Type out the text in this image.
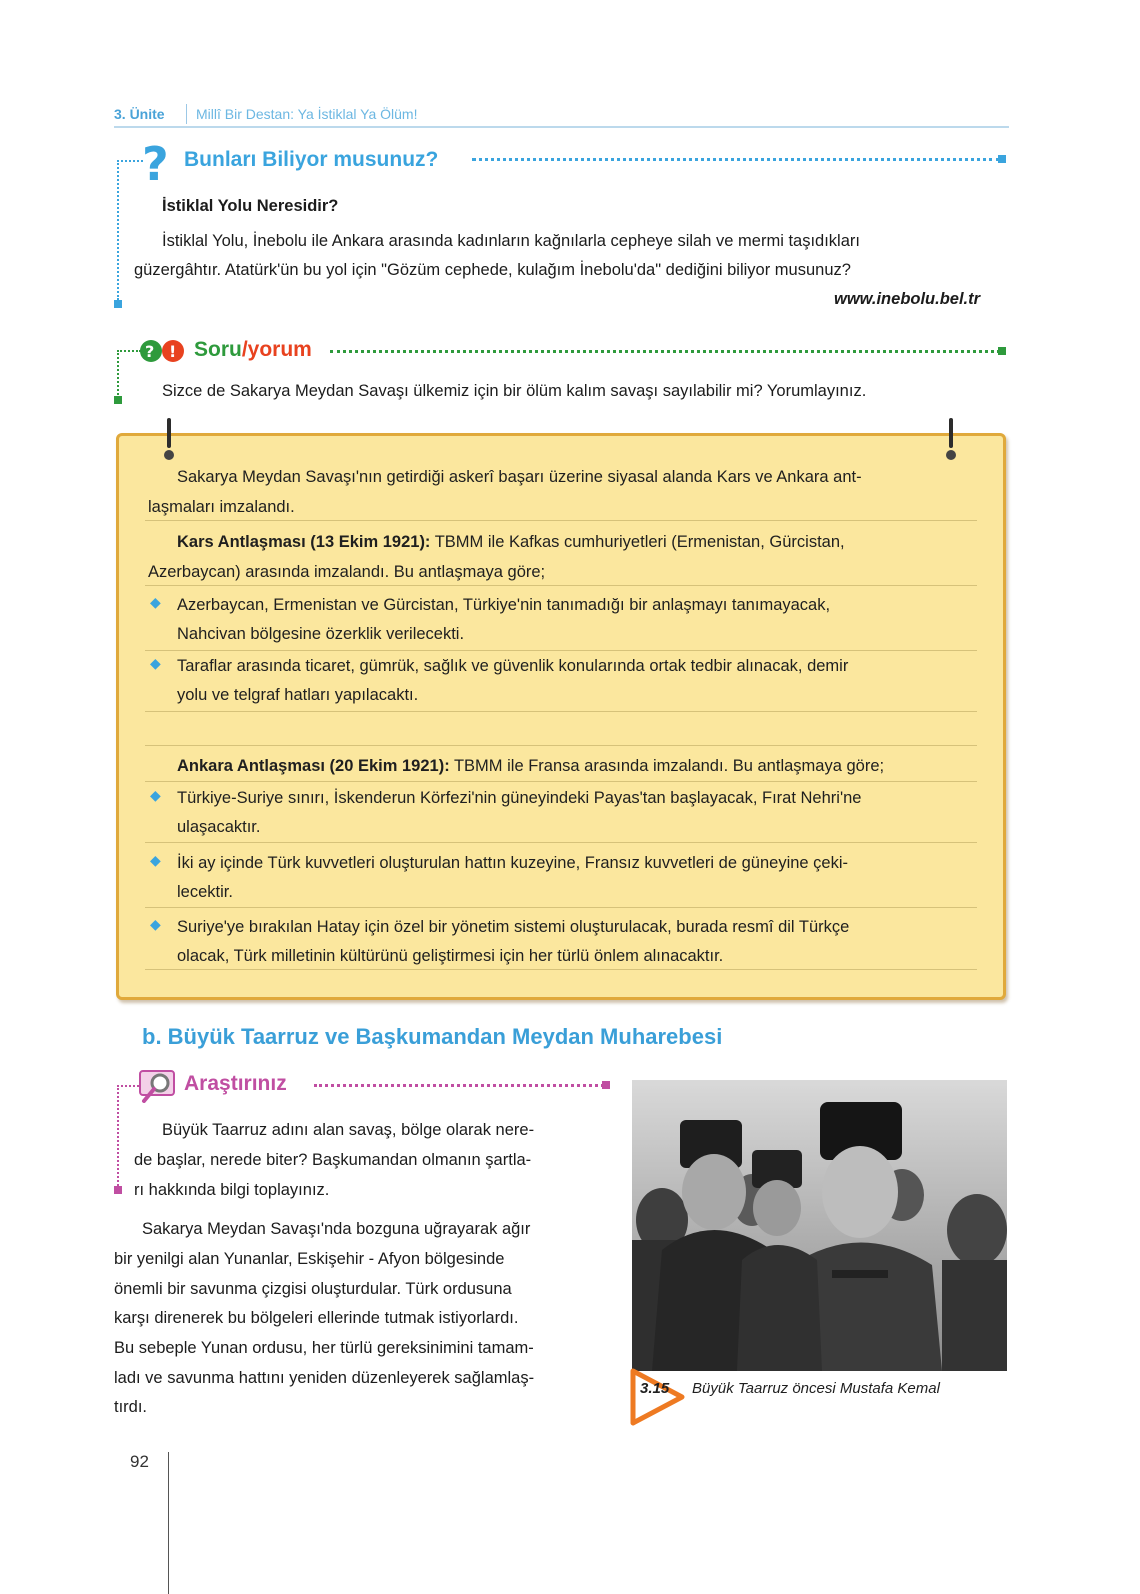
3. Ünite Millî Bir Destan: Ya İstiklal Ya Ölüm!
? Bunları Biliyor musunuz?
İstiklal Yolu Neresidir?
İstiklal Yolu, İnebolu ile Ankara arasında kadınların kağnılarla cepheye silah ve mermi taşıdıkları
güzergâhtır. Atatürk'ün bu yol için "Gözüm cephede, kulağım İnebolu'da" dediğini biliyor musunuz?
www.inebolu.bel.tr
? ! Soru/yorum
Sizce de Sakarya Meydan Savaşı ülkemiz için bir ölüm kalım savaşı sayılabilir mi? Yorumlayınız.
Sakarya Meydan Savaşı'nın getirdiği askerî başarı üzerine siyasal alanda Kars ve Ankara ant-
laşmaları imzalandı.
Kars Antlaşması (13 Ekim 1921): TBMM ile Kafkas cumhuriyetleri (Ermenistan, Gürcistan,
Azerbaycan) arasında imzalandı. Bu antlaşmaya göre;
◆ Azerbaycan, Ermenistan ve Gürcistan, Türkiye'nin tanımadığı bir anlaşmayı tanımayacak,
Nahcivan bölgesine özerklik verilecekti.
◆ Taraflar arasında ticaret, gümrük, sağlık ve güvenlik konularında ortak tedbir alınacak, demir
yolu ve telgraf hatları yapılacaktı.
Ankara Antlaşması (20 Ekim 1921): TBMM ile Fransa arasında imzalandı. Bu antlaşmaya göre;
◆ Türkiye-Suriye sınırı, İskenderun Körfezi'nin güneyindeki Payas'tan başlayacak, Fırat Nehri'ne
ulaşacaktır.
◆ İki ay içinde Türk kuvvetleri oluşturulan hattın kuzeyine, Fransız kuvvetleri de güneyine çeki-
lecektir.
◆ Suriye'ye bırakılan Hatay için özel bir yönetim sistemi oluşturulacak, burada resmî dil Türkçe
olacak, Türk milletinin kültürünü geliştirmesi için her türlü önlem alınacaktır.
b. Büyük Taarruz ve Başkumandan Meydan Muharebesi
Araştırınız
Büyük Taarruz adını alan savaş, bölge olarak nere-
de başlar, nerede biter? Başkumandan olmanın şartla-
rı hakkında bilgi toplayınız.
Sakarya Meydan Savaşı'nda bozguna uğrayarak ağır
bir yenilgi alan Yunanlar, Eskişehir - Afyon bölgesinde
önemli bir savunma çizgisi oluşturdular. Türk ordusuna
karşı direnerek bu bölgeleri ellerinde tutmak istiyorlardı.
Bu sebeple Yunan ordusu, her türlü gereksinimini tamam-
ladı ve savunma hattını yeniden düzenleyerek sağlamlaş-
tırdı.
3.15 Büyük Taarruz öncesi Mustafa Kemal
92
